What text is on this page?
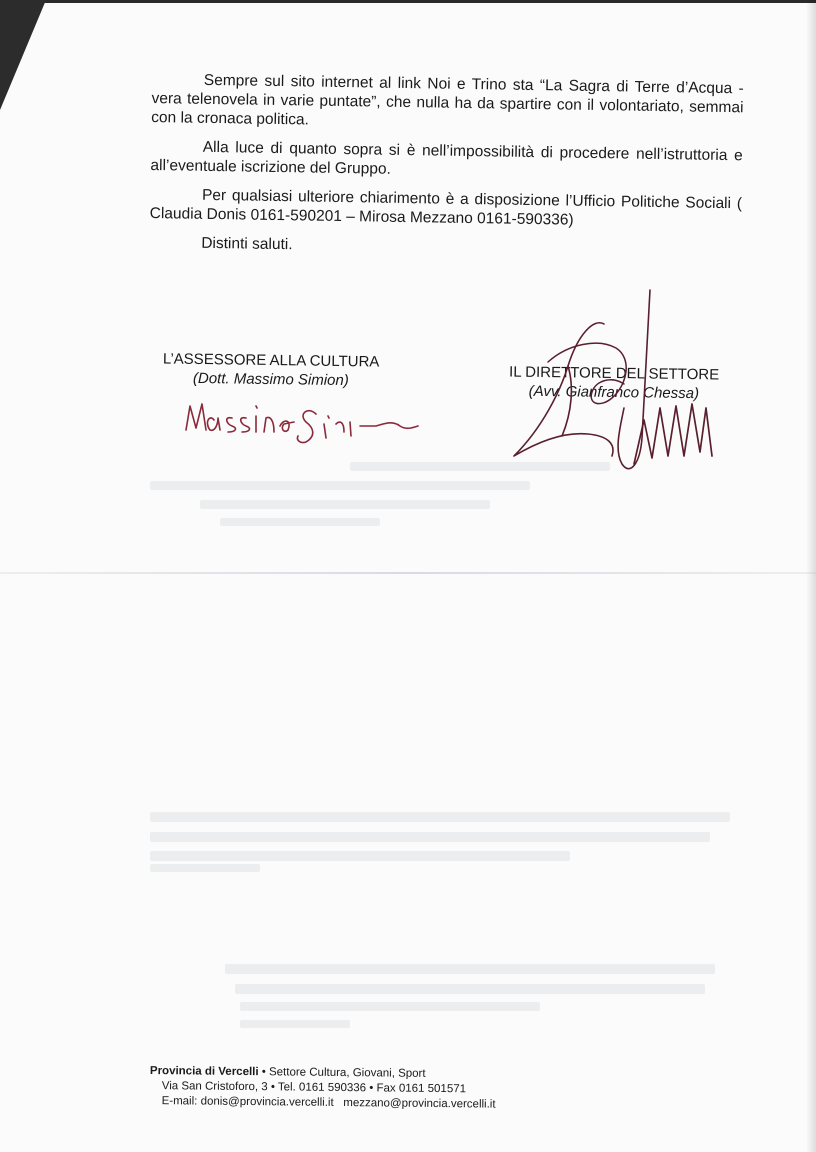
Sempre sul sito internet al link Noi e Trino sta “La Sagra di Terre d’Acqua - vera telenovela in varie puntate”, che nulla ha da spartire con il volontariato, semmai con la cronaca politica.

Alla luce di quanto sopra si è nell’impossibilità di procedere nell’istruttoria e all’eventuale iscrizione del Gruppo.

Per qualsiasi ulteriore chiarimento è a disposizione l’Ufficio Politiche Sociali ( Claudia Donis 0161-590201 – Mirosa Mezzano 0161-590336)

Distinti saluti.

L’ASSESSORE ALLA CULTURA
(Dott. Massimo Simion)	IL DIRETTORE DEL SETTORE
(Avv. Gianfranco Chessa)
Provincia di Vercelli • Settore Cultura, Giovani, Sport
Via San Cristoforo, 3 • Tel. 0161 590336 • Fax 0161 501571
E-mail: donis@provincia.vercelli.it mezzano@provincia.vercelli.it
